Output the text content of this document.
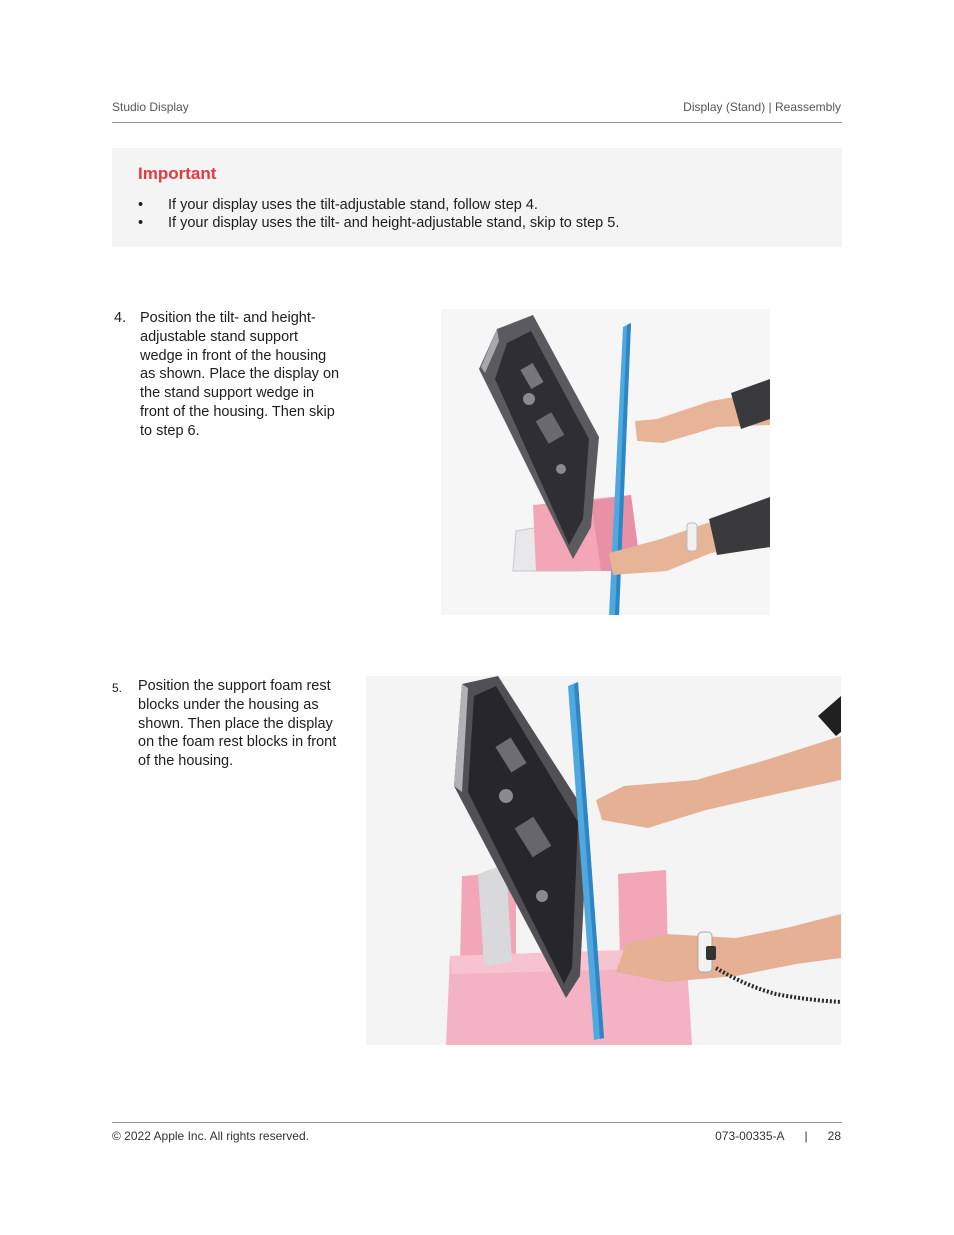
Studio Display	Display (Stand) | Reassembly
Important
• If your display uses the tilt-adjustable stand, follow step 4.
• If your display uses the tilt- and height-adjustable stand, skip to step 5.
4. Position the tilt- and height-adjustable stand support wedge in front of the housing as shown. Place the display on the stand support wedge in front of the housing. Then skip to step 6.
5. Position the support foam rest blocks under the housing as shown. Then place the display on the foam rest blocks in front of the housing.
© 2022 Apple Inc. All rights reserved.	073-00335-A | 28
